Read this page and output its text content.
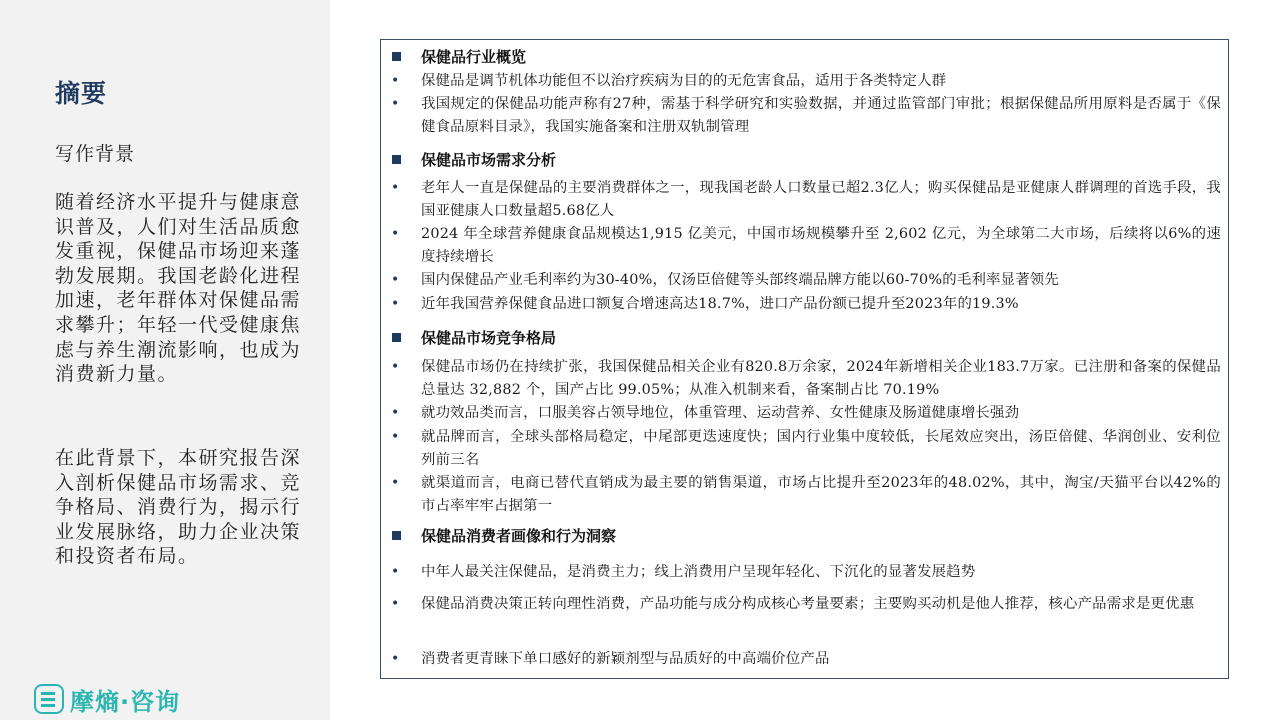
摘要
写作背景
随着经济水平提升与健康意识普及，人们对生活品质愈发重视，保健品市场迎来蓬勃发展期。我国老龄化进程加速，老年群体对保健品需求攀升；年轻一代受健康焦虑与养生潮流影响，也成为消费新力量。
在此背景下，本研究报告深入剖析保健品市场需求、竞争格局、消费行为，揭示行业发展脉络，助力企业决策和投资者布局。
摩熵·咨询
保健品行业概览
• 保健品是调节机体功能但不以治疗疾病为目的的无危害食品，适用于各类特定人群
• 我国规定的保健品功能声称有27种，需基于科学研究和实验数据，并通过监管部门审批；根据保健品所用原料是否属于《保健食品原料目录》，我国实施备案和注册双轨制管理
保健品市场需求分析
• 老年人一直是保健品的主要消费群体之一，现我国老龄人口数量已超2.3亿人；购买保健品是亚健康人群调理的首选手段，我国亚健康人口数量超5.68亿人
• 2024 年全球营养健康食品规模达1,915 亿美元，中国市场规模攀升至 2,602 亿元，为全球第二大市场，后续将以6%的速度持续增长
• 国内保健品产业毛利率约为30-40%，仅汤臣倍健等头部终端品牌方能以60-70%的毛利率显著领先
• 近年我国营养保健食品进口额复合增速高达18.7%，进口产品份额已提升至2023年的19.3%
保健品市场竞争格局
• 保健品市场仍在持续扩张，我国保健品相关企业有820.8万余家，2024年新增相关企业183.7万家。已注册和备案的保健品总量达 32,882 个，国产占比 99.05%；从准入机制来看，备案制占比 70.19%
• 就功效品类而言，口服美容占领导地位，体重管理、运动营养、女性健康及肠道健康增长强劲
• 就品牌而言，全球头部格局稳定，中尾部更迭速度快；国内行业集中度较低，长尾效应突出，汤臣倍健、华润创业、安利位列前三名
• 就渠道而言，电商已替代直销成为最主要的销售渠道，市场占比提升至2023年的48.02%，其中，淘宝/天猫平台以42%的市占率牢牢占据第一
保健品消费者画像和行为洞察
• 中年人最关注保健品，是消费主力；线上消费用户呈现年轻化、下沉化的显著发展趋势
• 保健品消费决策正转向理性消费，产品功能与成分构成核心考量要素；主要购买动机是他人推荐，核心产品需求是更优惠
• 消费者更青睐下单口感好的新颖剂型与品质好的中高端价位产品
